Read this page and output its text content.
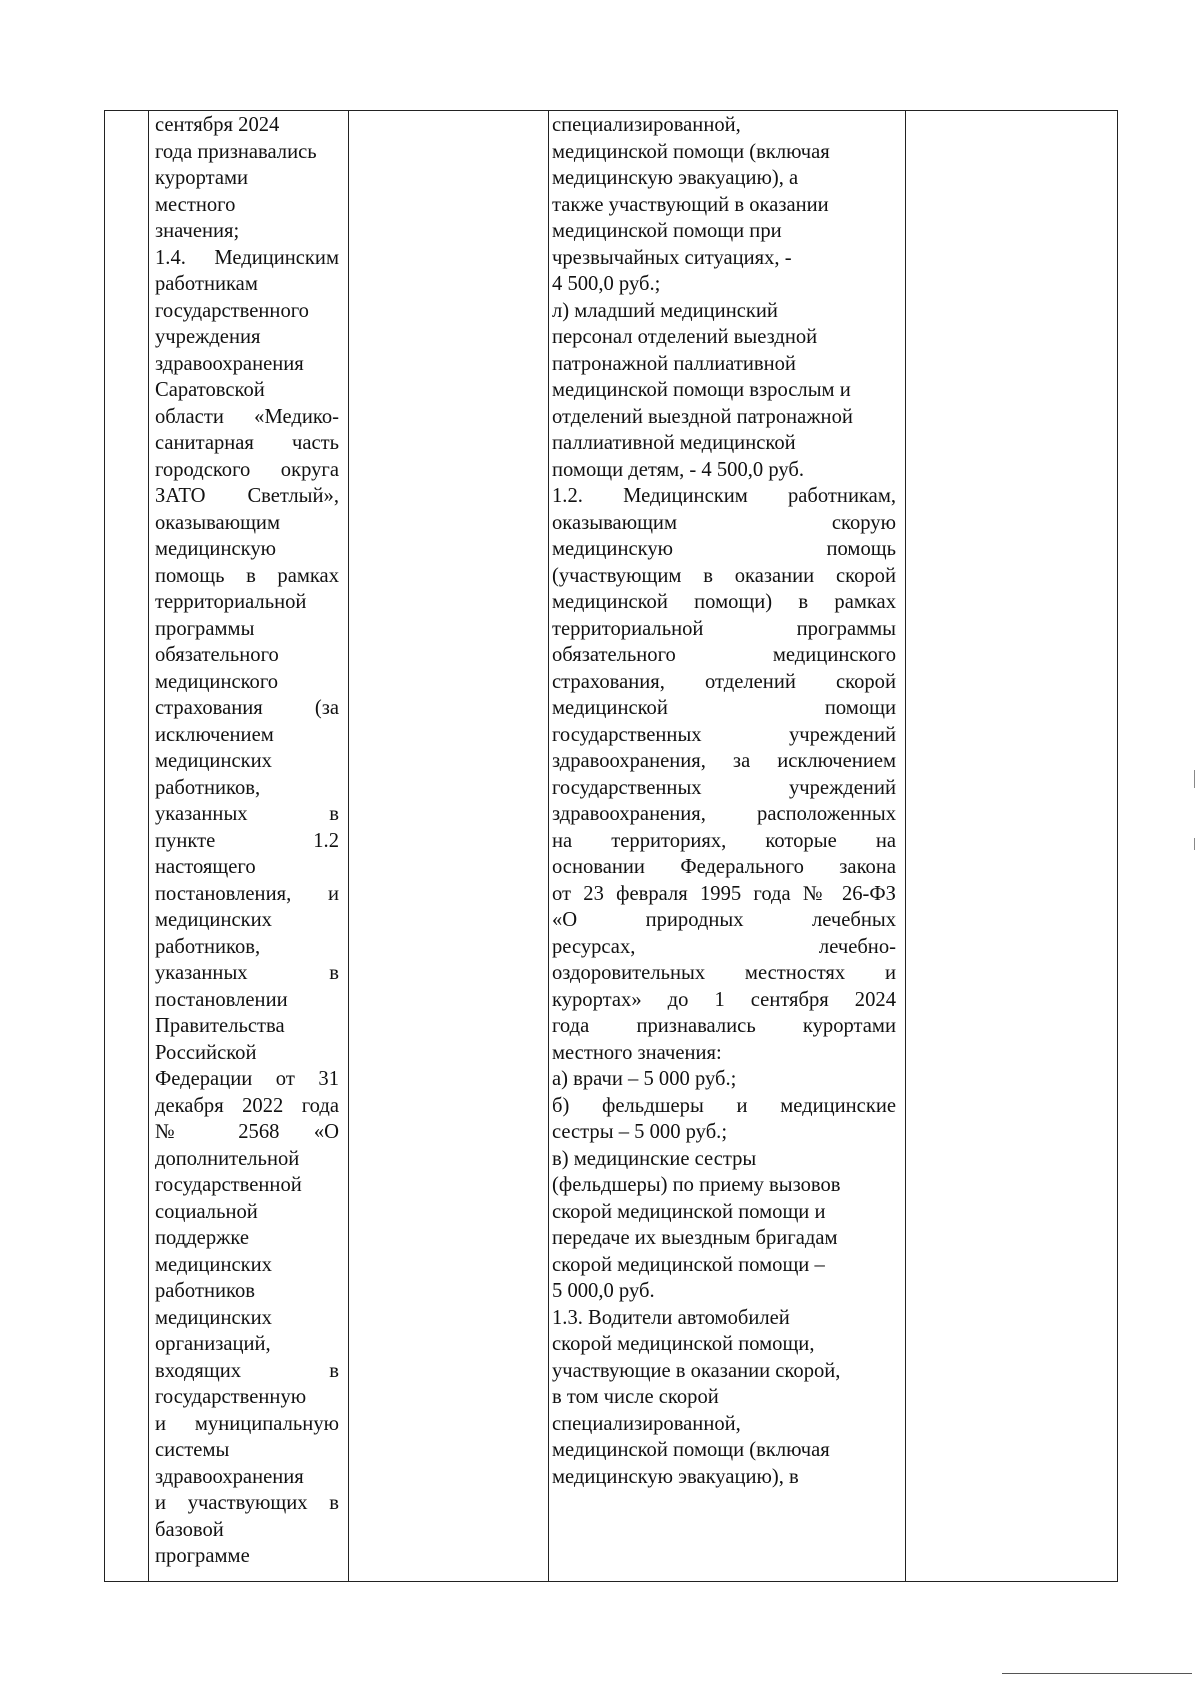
сентября 2024
года признавались
курортами
местного
значения;
1.4. Медицинским
работникам
государственного
учреждения
здравоохранения
Саратовской
области «Медико-
санитарная часть
городского округа
ЗАТО Светлый»,
оказывающим
медицинскую
помощь в рамках
территориальной
программы
обязательного
медицинского
страхования (за
исключением
медицинских
работников,
указанных в
пункте 1.2
настоящего
постановления, и
медицинских
работников,
указанных в
постановлении
Правительства
Российской
Федерации от 31
декабря 2022 года
№ 2568 «О
дополнительной
государственной
социальной
поддержке
медицинских
работников
медицинских
организаций,
входящих в
государственную
и муниципальную
системы
здравоохранения
и участвующих в
базовой
программе
специализированной,
медицинской помощи (включая
медицинскую эвакуацию), а
также участвующий в оказании
медицинской помощи при
чрезвычайных ситуациях, -
4 500,0 руб.;
л) младший медицинский
персонал отделений выездной
патронажной паллиативной
медицинской помощи взрослым и
отделений выездной патронажной
паллиативной медицинской
помощи детям, - 4 500,0 руб.
1.2. Медицинским работникам,
оказывающим скорую
медицинскую помощь
(участвующим в оказании скорой
медицинской помощи) в рамках
территориальной программы
обязательного медицинского
страхования, отделений скорой
медицинской помощи
государственных учреждений
здравоохранения, за исключением
государственных учреждений
здравоохранения, расположенных
на территориях, которые на
основании Федерального закона
от 23 февраля 1995 года № 26-ФЗ
«О природных лечебных
ресурсах, лечебно-
оздоровительных местностях и
курортах» до 1 сентября 2024
года признавались курортами
местного значения:
а) врачи – 5 000 руб.;
б) фельдшеры и медицинские
сестры – 5 000 руб.;
в) медицинские сестры
(фельдшеры) по приему вызовов
скорой медицинской помощи и
передаче их выездным бригадам
скорой медицинской помощи –
5 000,0 руб.
1.3. Водители автомобилей
скорой медицинской помощи,
участвующие в оказании скорой,
в том числе скорой
специализированной,
медицинской помощи (включая
медицинскую эвакуацию), в
